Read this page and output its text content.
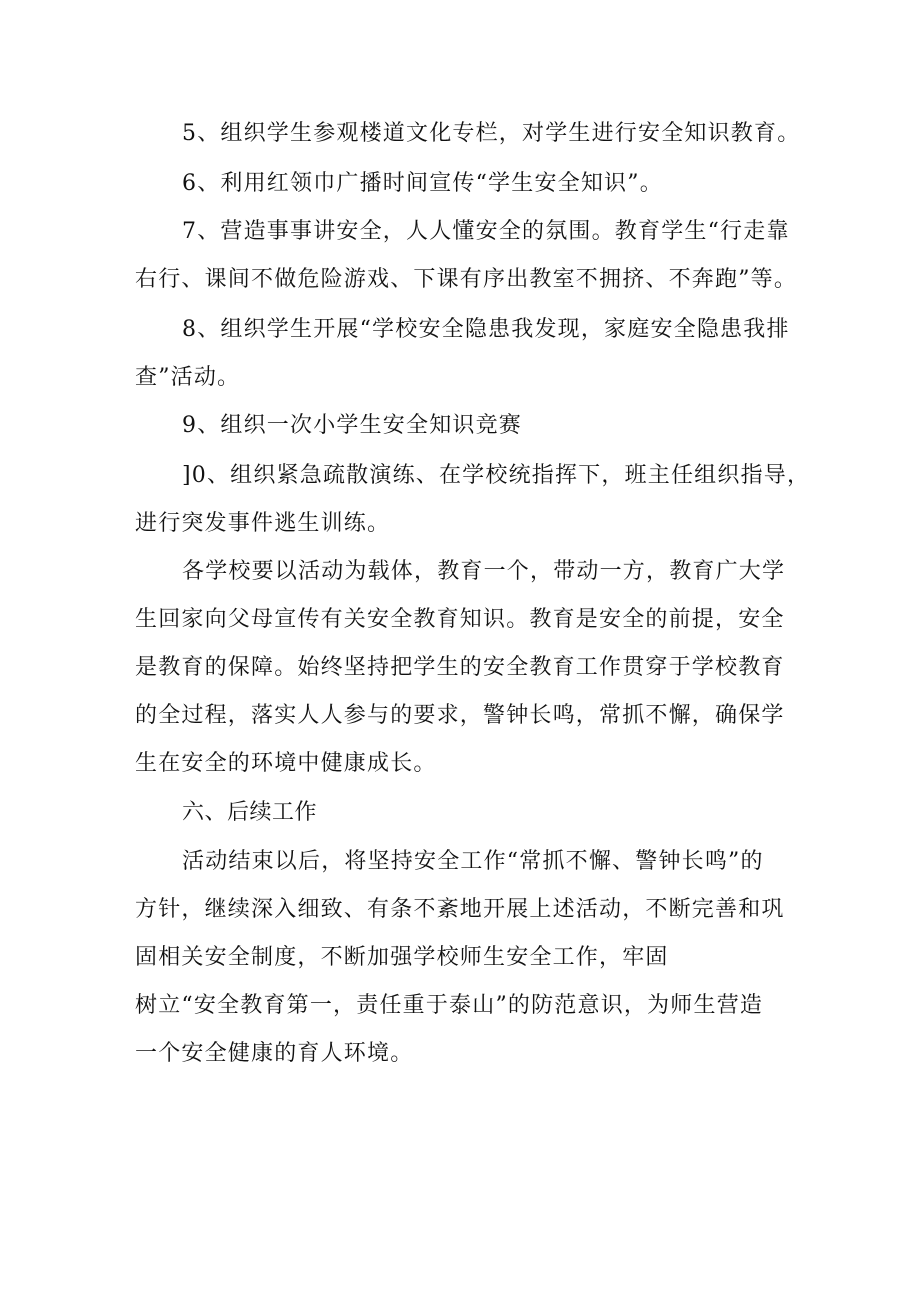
5、组织学生参观楼道文化专栏，对学生进行安全知识教育。
6、利用红领巾广播时间宣传“学生安全知识”。
7、营造事事讲安全，人人懂安全的氛围。教育学生“行走靠
右行、课间不做危险游戏、下课有序出教室不拥挤、不奔跑”等。
8、组织学生开展“学校安全隐患我发现，家庭安全隐患我排
查”活动。
9、组织一次小学生安全知识竞赛
]0、组织紧急疏散演练、在学校统指挥下，班主任组织指导，
进行突发事件逃生训练。
各学校要以活动为载体，教育一个，带动一方，教育广大学
生回家向父母宣传有关安全教育知识。教育是安全的前提，安全
是教育的保障。始终坚持把学生的安全教育工作贯穿于学校教育
的全过程，落实人人参与的要求，警钟长鸣，常抓不懈，确保学
生在安全的环境中健康成长。
六、后续工作
活动结束以后，将坚持安全工作“常抓不懈、警钟长鸣”的
方针，继续深入细致、有条不紊地开展上述活动，不断完善和巩
固相关安全制度，不断加强学校师生安全工作，牢固
树立“安全教育第一，责任重于泰山”的防范意识，为师生营造
一个安全健康的育人环境。
